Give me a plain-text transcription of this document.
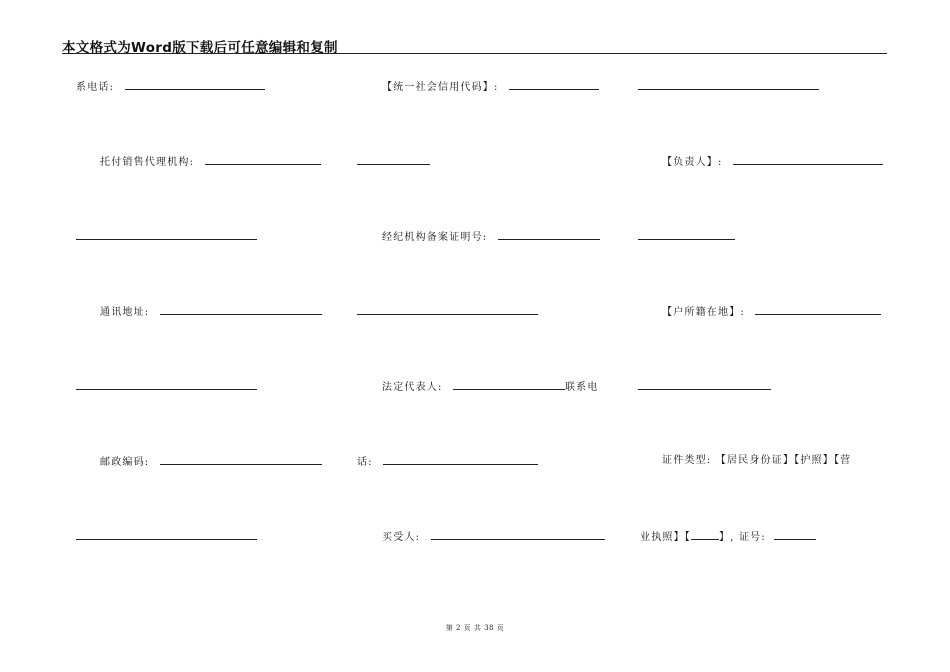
本文格式为Word版下载后可任意编辑和复制
系电话:	【统一社会信用代码】:
托付销售代理机构:	【负责人】:
经纪机构备案证明号:
通讯地址:	【户所籍在地】:
法定代表人:	联系电
邮政编码:	话:	证件类型: 【居民身份证】【护照】【营
买受人:	业执照】【	】, 证号:
第 2 页 共 38 页
